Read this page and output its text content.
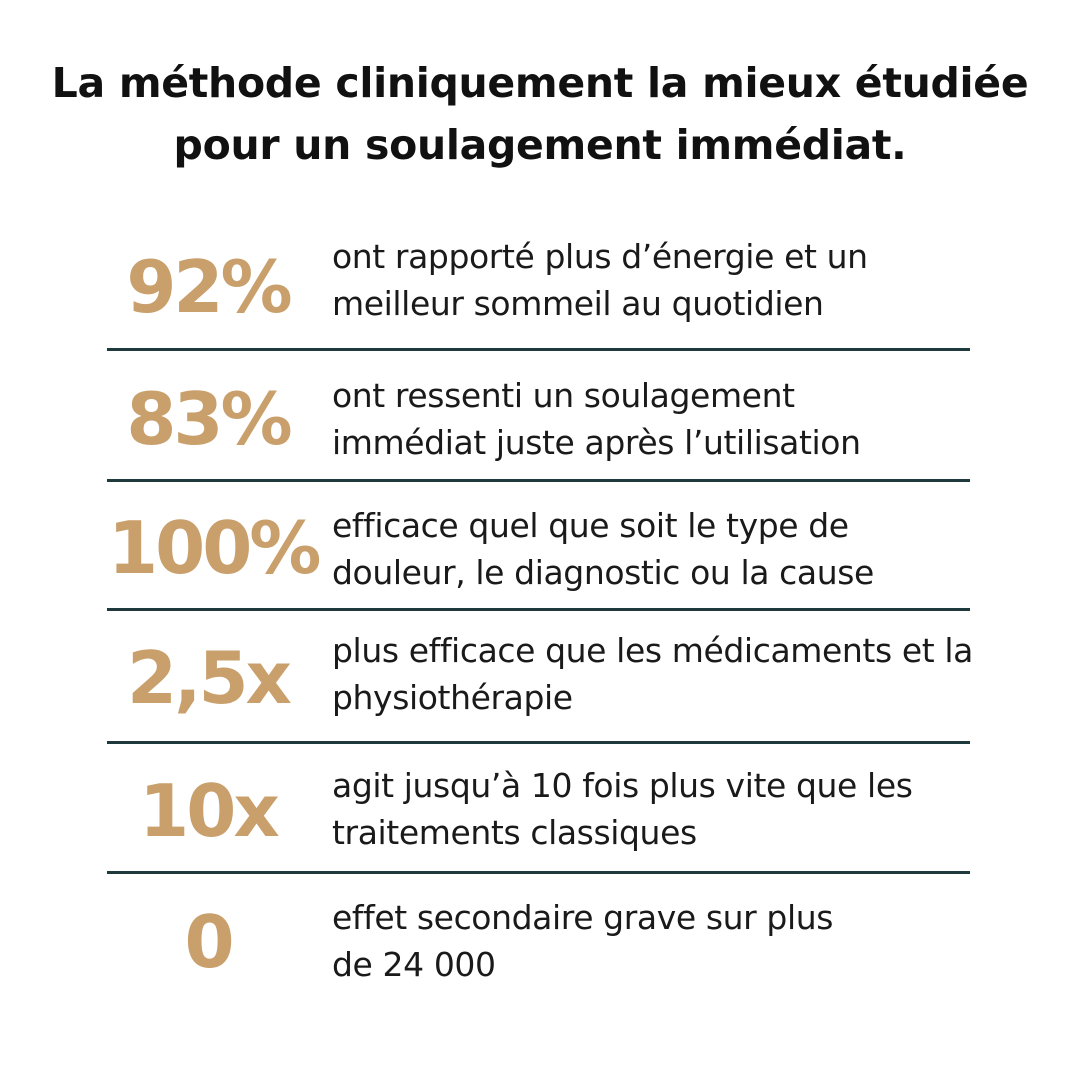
La méthode cliniquement la mieux étudiée
pour un soulagement immédiat.
92%	ont rapporté plus d’énergie et un
meilleur sommeil au quotidien
83%	ont ressenti un soulagement
immédiat juste après l’utilisation
100% efficace quel que soit le type de
douleur, le diagnostic ou la cause
2,5x	plus efficace que les médicaments et la
physiothérapie
10x	agit jusqu’à 10 fois plus vite que les
traitements classiques
0	effet secondaire grave sur plus
de 24 000
